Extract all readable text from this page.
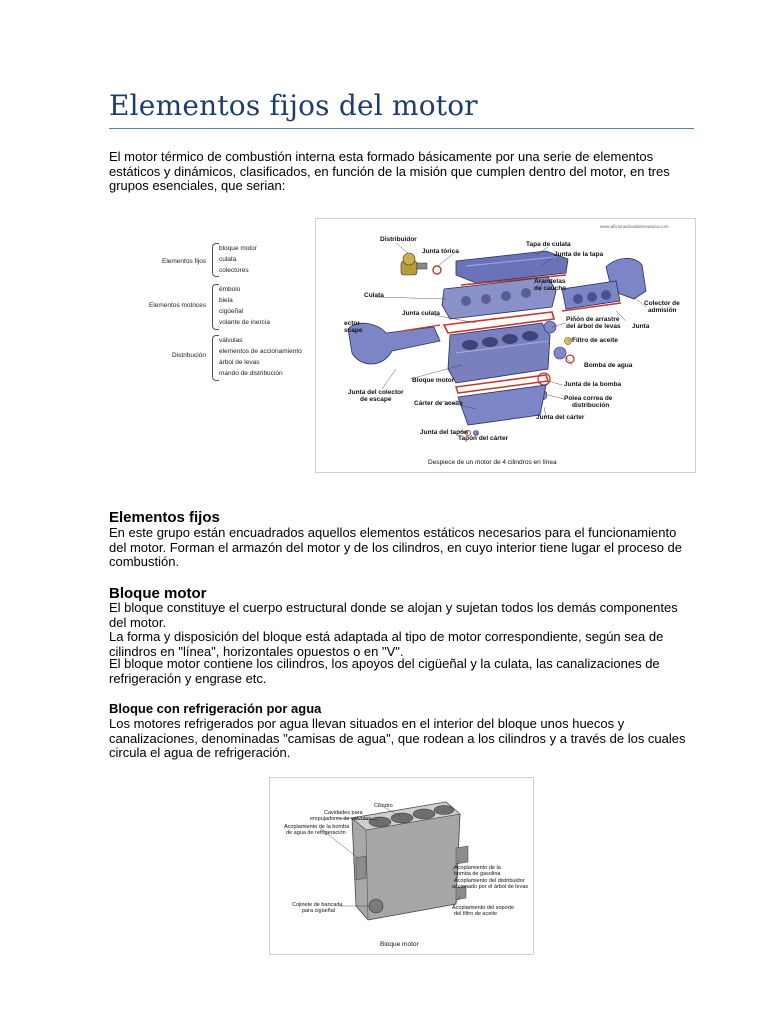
Elementos fijos del motor
El motor térmico de combustión interna esta formado básicamente por una serie de elementos estáticos y dinámicos, clasificados, en función de la misión que cumplen dentro del motor, en tres grupos esenciales, que serian:
Elementos fijos
bloque motor
culata
colectores
Elementos motrices
émbolo
biela
cigüeñal
volante de inercia
Distribución
válvulas
elementos de accionamiento
árbol de levas
mando de distribución
www.aficionadosalamecanica.com
Distribuidor
Junta tórica
Tapa de culata
Junta de la tapa
Arandelas
de caucho
Culata
Colector de
admisión
Junta culata
Piñón de arrastre
del árbol de levas Junta
ector
scape
Filtro de aceite
Bomba de agua
Bloque motor
Junta del colector
de escape
Junta de la bomba
Cárter de aceite
Polea correa de
distribución
Junta del cárter
Junta del tapón
Tapón del cárter
Despiece de un motor de 4 cilindros en línea
Elementos fijos
En este grupo están encuadrados aquellos elementos estáticos necesarios para el funcionamiento del motor. Forman el armazón del motor y de los cilindros, en cuyo interior tiene lugar el proceso de combustión.
Bloque motor
El bloque constituye el cuerpo estructural donde se alojan y sujetan todos los demás componentes del motor.
La forma y disposición del bloque está adaptada al tipo de motor correspondiente, según sea de cilindros en "línea", horizontales opuestos o en "V".
El bloque motor contiene los cilindros, los apoyos del cigüeñal y la culata, las canalizaciones de refrigeración y engrase etc.
Bloque con refrigeración por agua
Los motores refrigerados por agua llevan situados en el interior del bloque unos huecos y canalizaciones, denominadas "camisas de agua", que rodean a los cilindros y a través de los cuales circula el agua de refrigeración.
Cilindro
Cavidades para
empujadores de válvulas
Acoplamiento de la bomba
de agua de refrigeración
Acoplamiento de la
bomba de gasolina
Acoplamiento del distribuidor
accionado por el árbol de levas
Cojinete de bancada
para cigüeñal	Acoplamiento del soporte
del filtro de aceite
Bloque motor
